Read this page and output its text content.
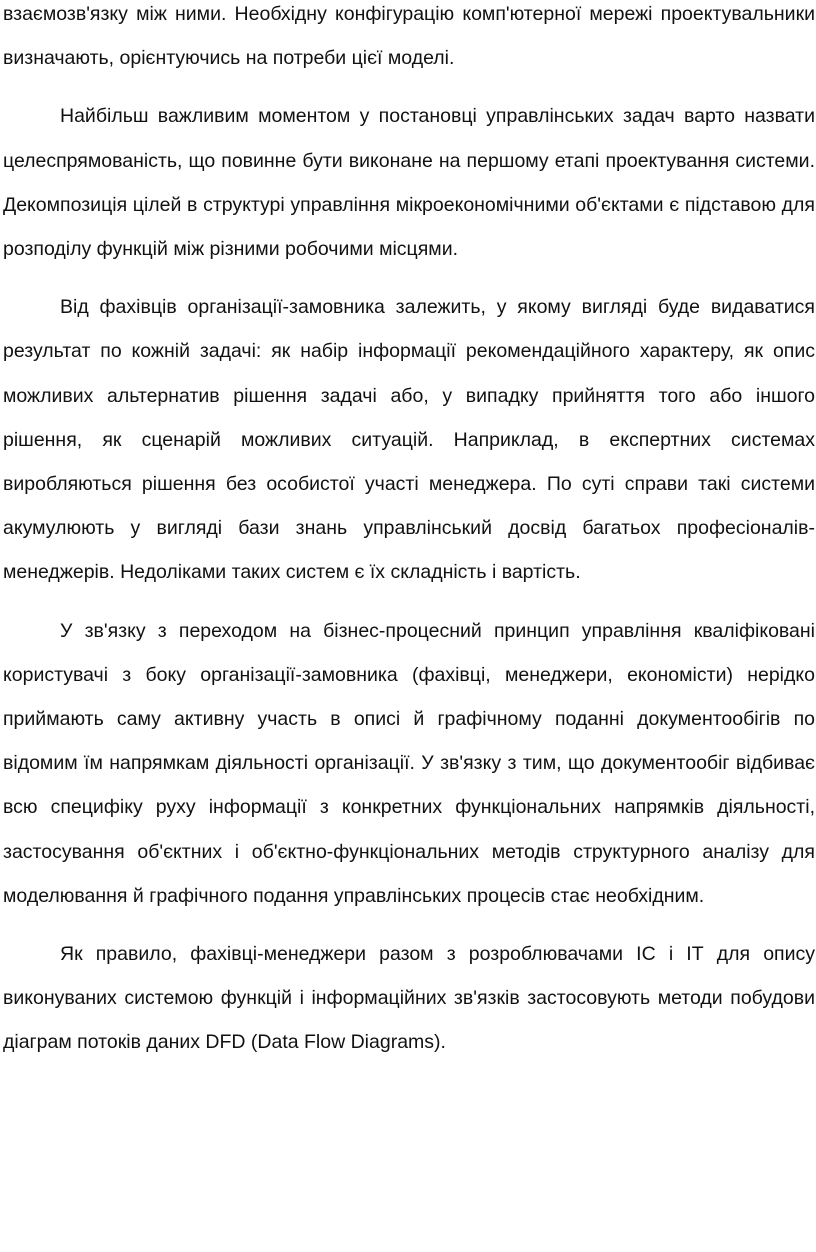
взаємозв'язку між ними. Необхідну конфігурацію комп'ютерної мережі проектувальники визначають, орієнтуючись на потреби цієї моделі.

Найбільш важливим моментом у постановці управлінських задач варто назвати целеспрямованість, що повинне бути виконане на першому етапі проектування системи. Декомпозиція цілей в структурі управління мікроекономічними об'єктами є підставою для розподілу функцій між різними робочими місцями.

Від фахівців організації-замовника залежить, у якому вигляді буде видаватися результат по кожній задачі: як набір інформації рекомендаційного характеру, як опис можливих альтернатив рішення задачі або, у випадку прийняття того або іншого рішення, як сценарій можливих ситуацій. Наприклад, в експертних системах виробляються рішення без особистої участі менеджера. По суті справи такі системи акумулюють у вигляді бази знань управлінський досвід багатьох професіоналів- менеджерів. Недоліками таких систем є їх складність і вартість.

У зв'язку з переходом на бізнес-процесний принцип управління кваліфіковані користувачі з боку організації-замовника (фахівці, менеджери, економісти) нерідко приймають саму активну участь в описі й графічному поданні документообігів по відомим їм напрямкам діяльності організації. У зв'язку з тим, що документообіг відбиває всю специфіку руху інформації з конкретних функціональних напрямків діяльності, застосування об'єктних і об'єктно-функціональних методів структурного аналізу для моделювання й графічного подання управлінських процесів стає необхідним.

Як правило, фахівці-менеджери разом з розроблювачами ІС і ІТ для опису виконуваних системою функцій і інформаційних зв'язків застосовують методи побудови діаграм потоків даних DFD (Data Flow Diagrams).
